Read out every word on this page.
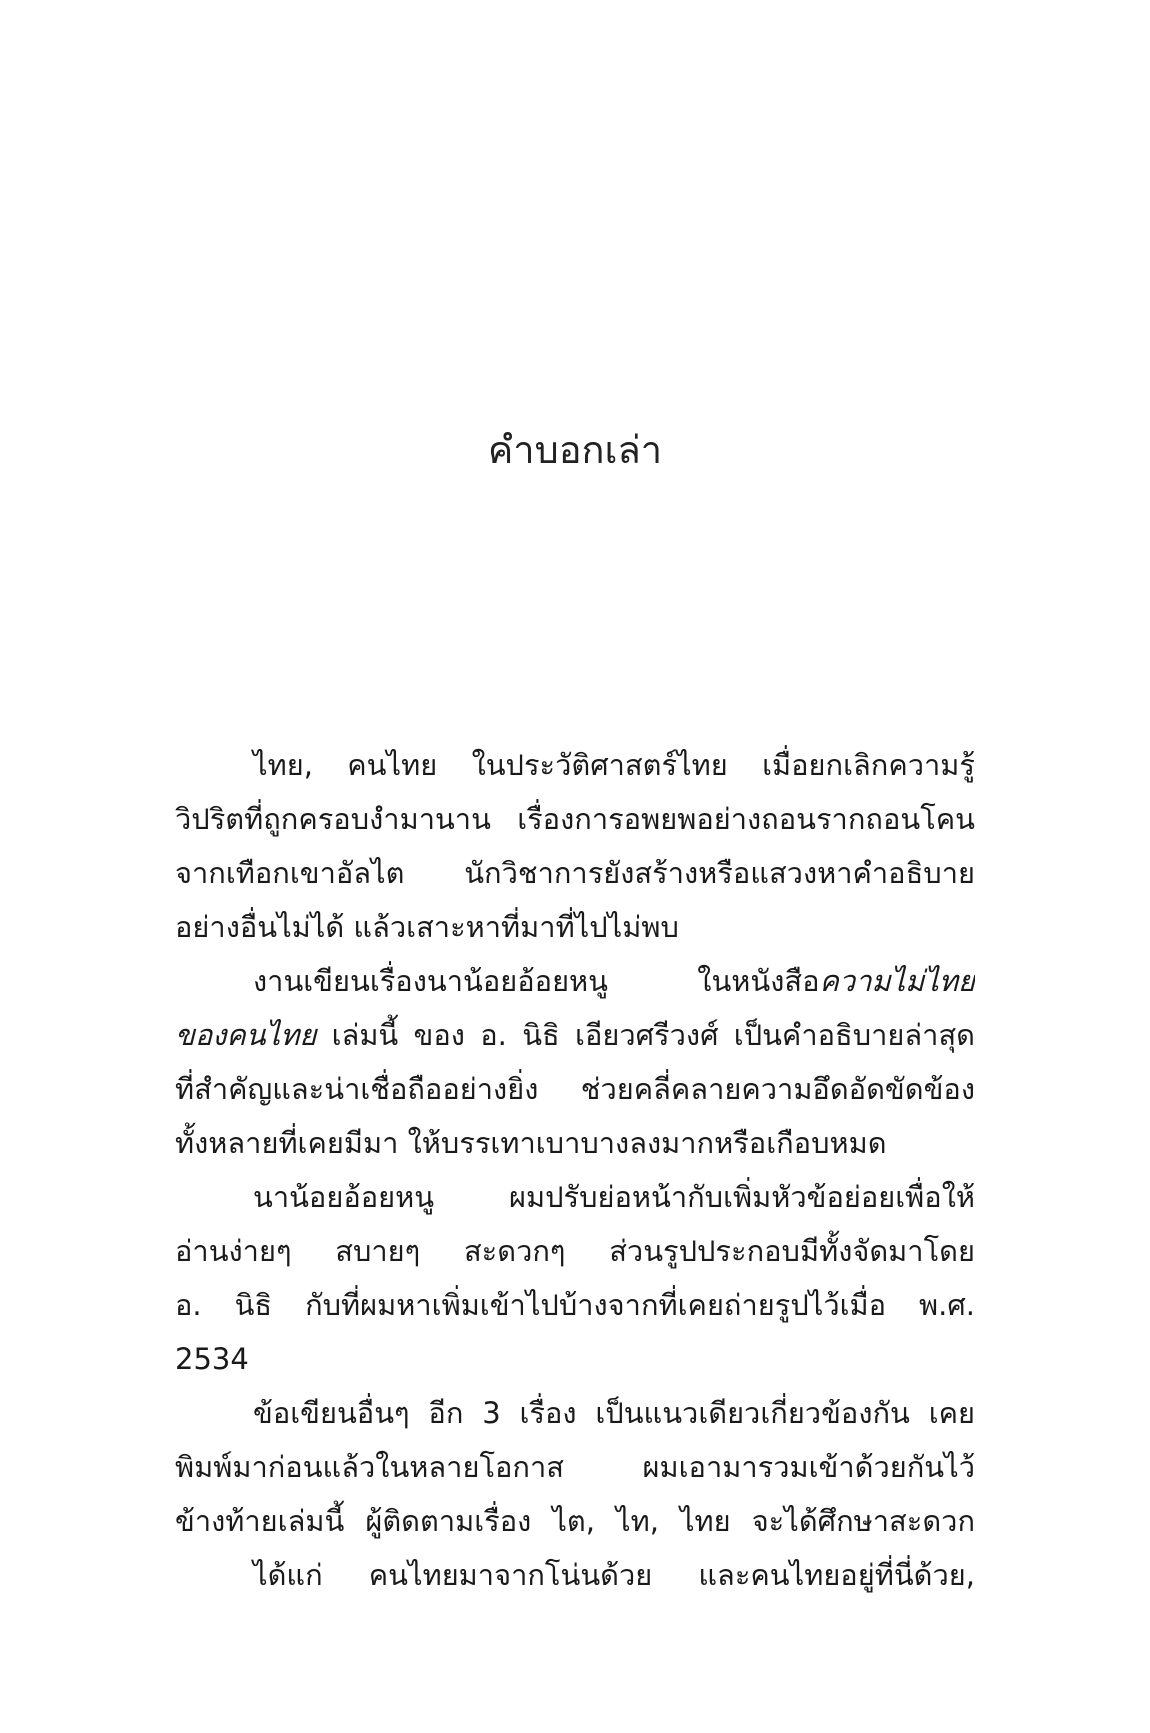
คำบอกเล่า
ไทย, คนไทย ในประวัติศาสตร์ไทย เมื่อยกเลิกความรู้
วิปริตที่ถูกครอบงำมานาน เรื่องการอพยพอย่างถอนรากถอนโคน
จากเทือกเขาอัลไต นักวิชาการยังสร้างหรือแสวงหาคำอธิบาย
อย่างอื่นไม่ได้ แล้วเสาะหาที่มาที่ไปไม่พบ
งานเขียนเรื่องนาน้อยอ้อยหนู ในหนังสือความไม่ไทย
ของคนไทย เล่มนี้ ของ อ. นิธิ เอียวศรีวงศ์ เป็นคำอธิบายล่าสุด
ที่สำคัญและน่าเชื่อถืออย่างยิ่ง ช่วยคลี่คลายความอึดอัดขัดข้อง
ทั้งหลายที่เคยมีมา ให้บรรเทาเบาบางลงมากหรือเกือบหมด
นาน้อยอ้อยหนู ผมปรับย่อหน้ากับเพิ่มหัวข้อย่อยเพื่อให้
อ่านง่ายๆ สบายๆ สะดวกๆ ส่วนรูปประกอบมีทั้งจัดมาโดย
อ. นิธิ กับที่ผมหาเพิ่มเข้าไปบ้างจากที่เคยถ่ายรูปไว้เมื่อ พ.ศ.
2534
ข้อเขียนอื่นๆ อีก 3 เรื่อง เป็นแนวเดียวเกี่ยวข้องกัน เคย
พิมพ์มาก่อนแล้วในหลายโอกาส ผมเอามารวมเข้าด้วยกันไว้
ข้างท้ายเล่มนี้ ผู้ติดตามเรื่อง ไต, ไท, ไทย จะได้ศึกษาสะดวก
ได้แก่ คนไทยมาจากโน่นด้วย และคนไทยอยู่ที่นี่ด้วย,
